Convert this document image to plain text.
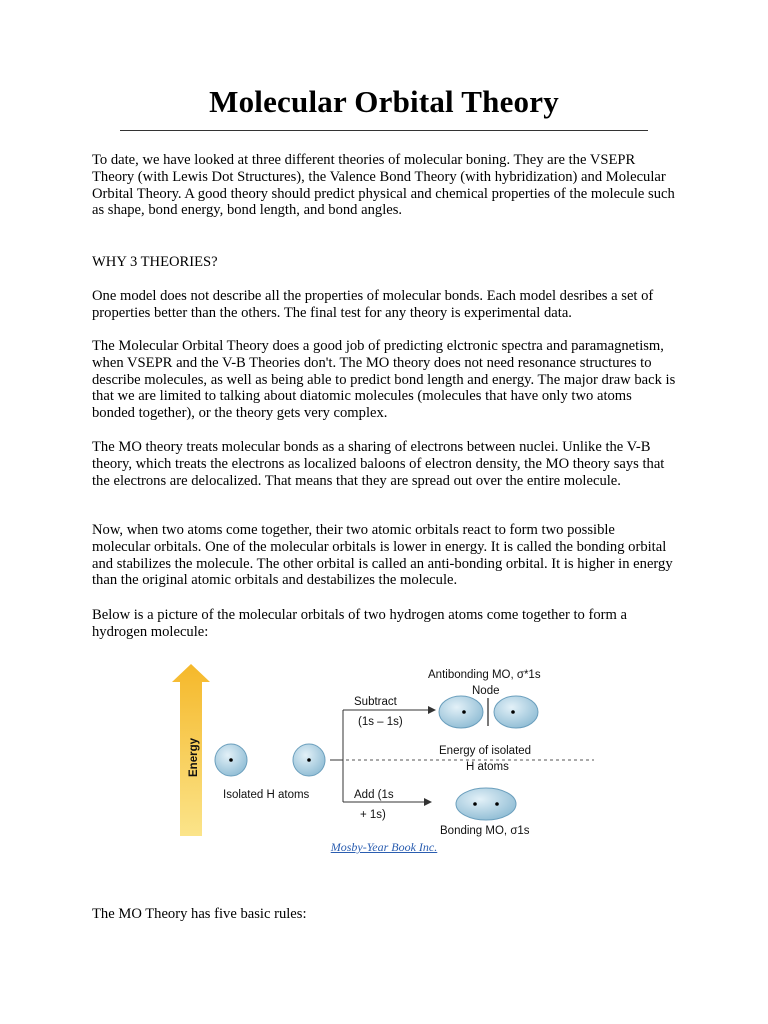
Molecular Orbital Theory

To date, we have looked at three different theories of molecular boning. They are the VSEPR Theory (with Lewis Dot Structures), the Valence Bond Theory (with hybridization) and Molecular Orbital Theory. A good theory should predict physical and chemical properties of the molecule such as shape, bond energy, bond length, and bond angles.

WHY 3 THEORIES?

One model does not describe all the properties of molecular bonds. Each model desribes a set of properties better than the others. The final test for any theory is experimental data.

The Molecular Orbital Theory does a good job of predicting elctronic spectra and paramagnetism, when VSEPR and the V-B Theories don't. The MO theory does not need resonance structures to describe molecules, as well as being able to predict bond length and energy. The major draw back is that we are limited to talking about diatomic molecules (molecules that have only two atoms bonded together), or the theory gets very complex.

The MO theory treats molecular bonds as a sharing of electrons between nuclei. Unlike the V-B theory, which treats the electrons as localized baloons of electron density, the MO theory says that the electrons are delocalized. That means that they are spread out over the entire molecule.

Now, when two atoms come together, their two atomic orbitals react to form two possible molecular orbitals. One of the molecular orbitals is lower in energy. It is called the bonding orbital and stabilizes the molecule. The other orbital is called an anti-bonding orbital. It is higher in energy than the original atomic orbitals and destabilizes the molecule.

Below is a picture of the molecular orbitals of two hydrogen atoms come together to form a hydrogen molecule:

Energy
Isolated H atoms
Subtract
(1s – 1s)
Add (1s
+ 1s)
Antibonding MO, σ*1s
Node
Energy of isolated
H atoms
Bonding MO, σ1s
Mosby-Year Book Inc.

The MO Theory has five basic rules:
